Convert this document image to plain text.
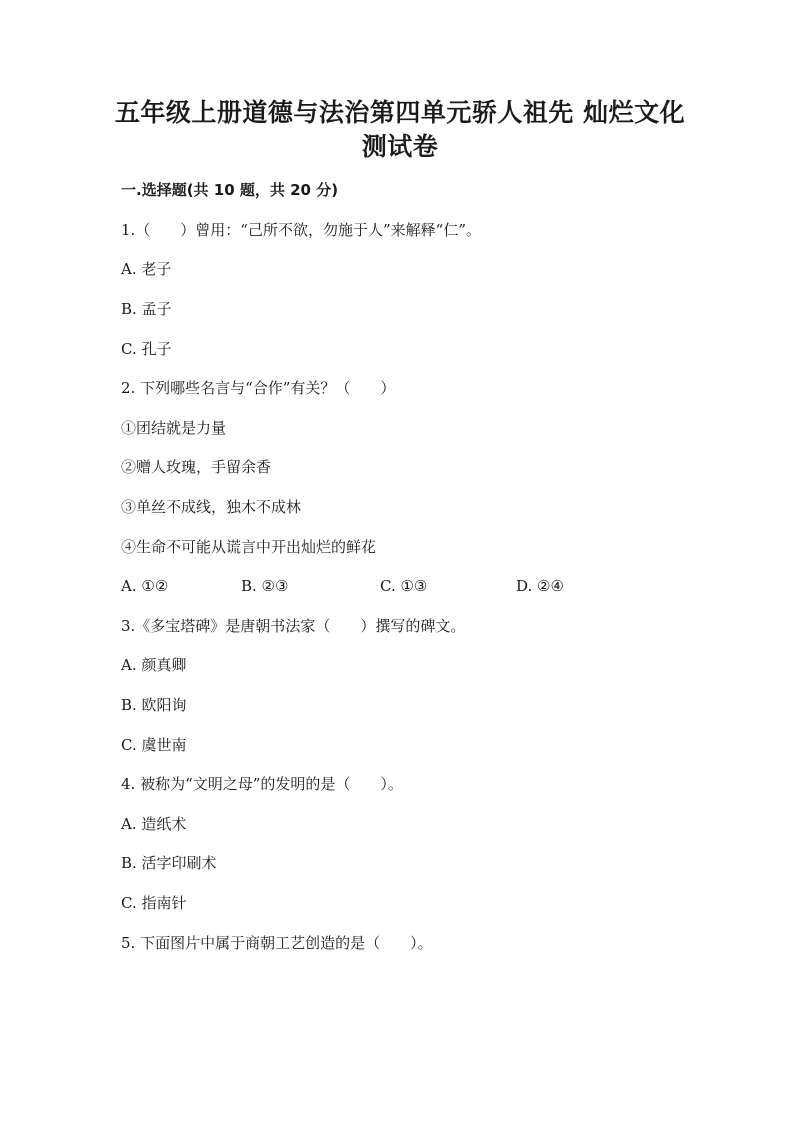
五年级上册道德与法治第四单元骄人祖先 灿烂文化
测试卷
一.选择题(共 10 题，共 20 分)
1.（　　）曾用：“己所不欲，勿施于人”来解释“仁”。
A. 老子
B. 孟子
C. 孔子
2. 下列哪些名言与“合作”有关？（　　）
①团结就是力量
②赠人玫瑰，手留余香
③单丝不成线，独木不成林
④生命不可能从谎言中开出灿烂的鲜花
A. ①②	B. ②③	C. ①③	D. ②④
3.《多宝塔碑》是唐朝书法家（　　）撰写的碑文。
A. 颜真卿
B. 欧阳询
C. 虞世南
4. 被称为“文明之母”的发明的是（　　）。
A. 造纸术
B. 活字印刷术
C. 指南针
5. 下面图片中属于商朝工艺创造的是（　　）。
